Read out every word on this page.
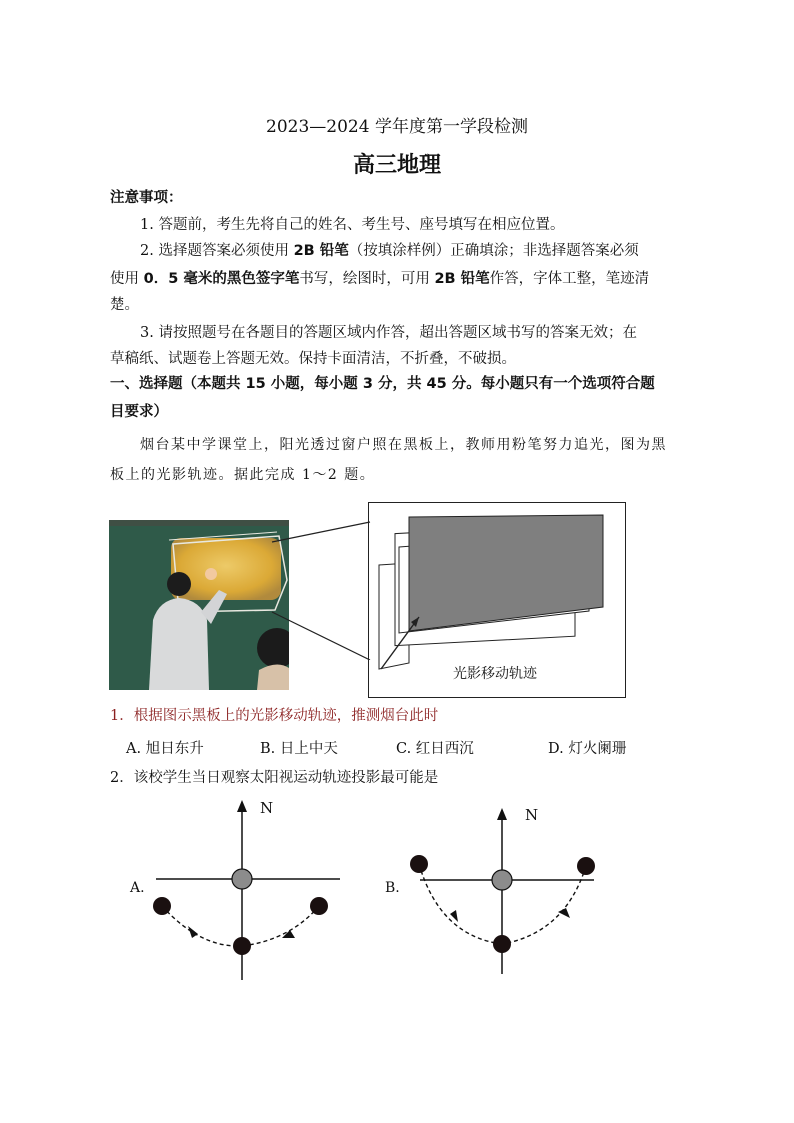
2023—2024 学年度第一学段检测
高三地理
注意事项：
1. 答题前，考生先将自己的姓名、考生号、座号填写在相应位置。
2. 选择题答案必须使用 2B 铅笔（按填涂样例）正确填涂；非选择题答案必须
使用 0．5 毫米的黑色签字笔书写，绘图时，可用 2B 铅笔作答，字体工整，笔迹清
楚。
3. 请按照题号在各题目的答题区域内作答，超出答题区域书写的答案无效；在
草稿纸、试题卷上答题无效。保持卡面清洁，不折叠，不破损。
一、选择题（本题共 15 小题，每小题 3 分，共 45 分。每小题只有一个选项符合题
目要求）
烟台某中学课堂上，阳光透过窗户照在黑板上，教师用粉笔努力追光，图为黑
板上的光影轨迹。据此完成 1～2 题。
光影移动轨迹
1．根据图示黑板上的光影移动轨迹，推测烟台此时
A. 旭日东升	B. 日上中天	C. 红日西沉	D. 灯火阑珊
2．该校学生当日观察太阳视运动轨迹投影最可能是
A.
N
B.
N
